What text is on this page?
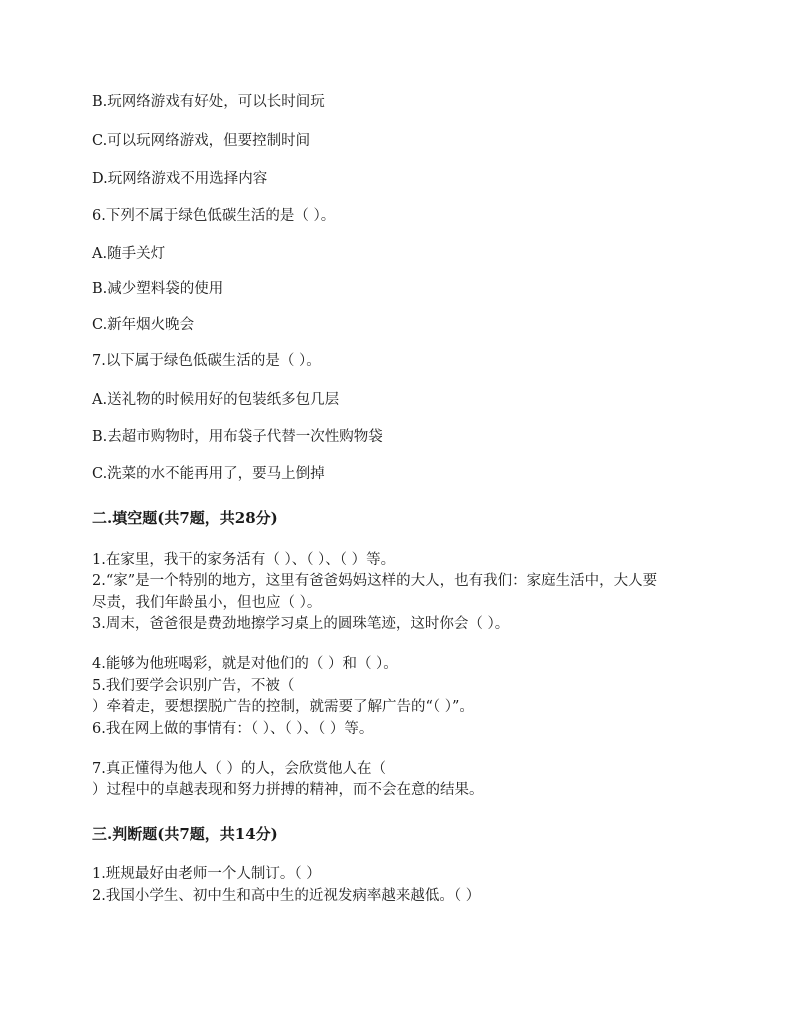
B.玩网络游戏有好处，可以长时间玩
C.可以玩网络游戏，但要控制时间
D.玩网络游戏不用选择内容
6.下列不属于绿色低碳生活的是（ ）。
A.随手关灯
B.减少塑料袋的使用
C.新年烟火晚会
7.以下属于绿色低碳生活的是（ ）。
A.送礼物的时候用好的包装纸多包几层
B.去超市购物时，用布袋子代替一次性购物袋
C.洗菜的水不能再用了，要马上倒掉
二.填空题(共7题，共28分)
1.在家里，我干的家务活有（ ）、（ ）、（ ）等。
2.“家”是一个特别的地方，这里有爸爸妈妈这样的大人，也有我们：家庭生活中，大人要
尽责，我们年龄虽小，但也应（ ）。
3.周末，爸爸很是费劲地擦学习桌上的圆珠笔迹，这时你会（ ）。
4.能够为他班喝彩，就是对他们的（ ）和（ ）。
5.我们要学会识别广告，不被（
）牵着走，要想摆脱广告的控制，就需要了解广告的“（ ）”。
6.我在网上做的事情有：（ ）、（ ）、（ ）等。
7.真正懂得为他人（ ）的人，会欣赏他人在（
）过程中的卓越表现和努力拼搏的精神，而不会在意的结果。
三.判断题(共7题，共14分)
1.班规最好由老师一个人制订。（ ）
2.我国小学生、初中生和高中生的近视发病率越来越低。（ ）
